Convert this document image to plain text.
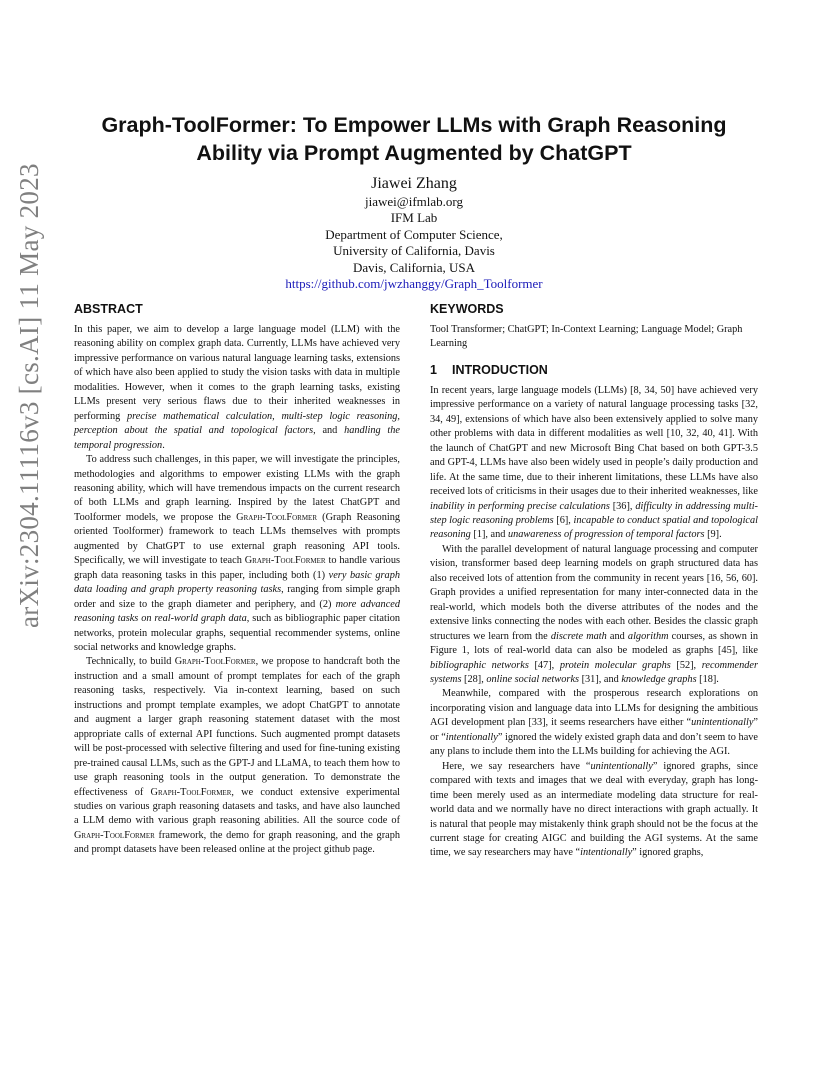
arXiv:2304.11116v3 [cs.AI] 11 May 2023
Graph-ToolFormer: To Empower LLMs with Graph Reasoning
Ability via Prompt Augmented by ChatGPT
Jiawei Zhang
jiawei@ifmlab.org
IFM Lab
Department of Computer Science,
University of California, Davis
Davis, California, USA
https://github.com/jwzhanggy/Graph_Toolformer
ABSTRACT

In this paper, we aim to develop a large language model (LLM) with the reasoning ability on complex graph data. Currently, LLMs have achieved very impressive performance on various natural language learning tasks, extensions of which have also been applied to study the vision tasks with data in multiple modalities. However, when it comes to the graph learning tasks, existing LLMs present very serious flaws due to their inherited weaknesses in performing precise mathematical calculation, multi-step logic reasoning, perception about the spatial and topological factors, and handling the temporal progression.

To address such challenges, in this paper, we will investigate the principles, methodologies and algorithms to empower existing LLMs with the graph reasoning ability, which will have tremendous impacts on the current research of both LLMs and graph learning. Inspired by the latest ChatGPT and Toolformer models, we propose the Graph-ToolFormer (Graph Reasoning oriented Toolformer) framework to teach LLMs themselves with prompts augmented by ChatGPT to use external graph reasoning API tools. Specifically, we will investigate to teach Graph-ToolFormer to handle various graph data reasoning tasks in this paper, including both (1) very basic graph data loading and graph property reasoning tasks, ranging from simple graph order and size to the graph diameter and periphery, and (2) more advanced reasoning tasks on real-world graph data, such as bibliographic paper citation networks, protein molecular graphs, sequential recommender systems, online social networks and knowledge graphs.

Technically, to build Graph-ToolFormer, we propose to handcraft both the instruction and a small amount of prompt templates for each of the graph reasoning tasks, respectively. Via in-context learning, based on such instructions and prompt template examples, we adopt ChatGPT to annotate and augment a larger graph reasoning statement dataset with the most appropriate calls of external API functions. Such augmented prompt datasets will be post-processed with selective filtering and used for fine-tuning existing pre-trained causal LLMs, such as the GPT-J and LLaMA, to teach them how to use graph reasoning tools in the output generation. To demonstrate the effectiveness of Graph-ToolFormer, we conduct extensive experimental studies on various graph reasoning datasets and tasks, and have also launched a LLM demo with various graph reasoning abilities. All the source code of Graph-ToolFormer framework, the demo for graph reasoning, and the graph and prompt datasets have been released online at the project github page.

KEYWORDS

Tool Transformer; ChatGPT; In-Context Learning; Language Model; Graph Learning

1 INTRODUCTION

In recent years, large language models (LLMs) [8, 34, 50] have achieved very impressive performance on a variety of natural language processing tasks [32, 34, 49], extensions of which have also been extensively applied to solve many other problems with data in different modalities as well [10, 32, 40, 41]. With the launch of ChatGPT and new Microsoft Bing Chat based on both GPT-3.5 and GPT-4, LLMs have also been widely used in people’s daily production and life. At the same time, due to their inherent limitations, these LLMs have also received lots of criticisms in their usages due to their inherited weaknesses, like inability in performing precise calculations [36], difficulty in addressing multi-step logic reasoning problems [6], incapable to conduct spatial and topological reasoning [1], and unawareness of progression of temporal factors [9].

With the parallel development of natural language processing and computer vision, transformer based deep learning models on graph structured data has also received lots of attention from the community in recent years [16, 56, 60]. Graph provides a unified representation for many inter-connected data in the real-world, which models both the diverse attributes of the nodes and the extensive links connecting the nodes with each other. Besides the classic graph structures we learn from the discrete math and algorithm courses, as shown in Figure 1, lots of real-world data can also be modeled as graphs [45], like bibliographic networks [47], protein molecular graphs [52], recommender systems [28], online social networks [31], and knowledge graphs [18].

Meanwhile, compared with the prosperous research explorations on incorporating vision and language data into LLMs for designing the ambitious AGI development plan [33], it seems researchers have either “unintentionally” or “intentionally” ignored the widely existed graph data and don’t seem to have any plans to include them into the LLMs building for achieving the AGI.

Here, we say researchers have “unintentionally” ignored graphs, since compared with texts and images that we deal with everyday, graph has long-time been merely used as an intermediate modeling data structure for real-world data and we normally have no direct interactions with graph actually. It is natural that people may mistakenly think graph should not be the focus at the current stage for creating AIGC and building the AGI systems. At the same time, we say researchers may have “intentionally” ignored graphs,
